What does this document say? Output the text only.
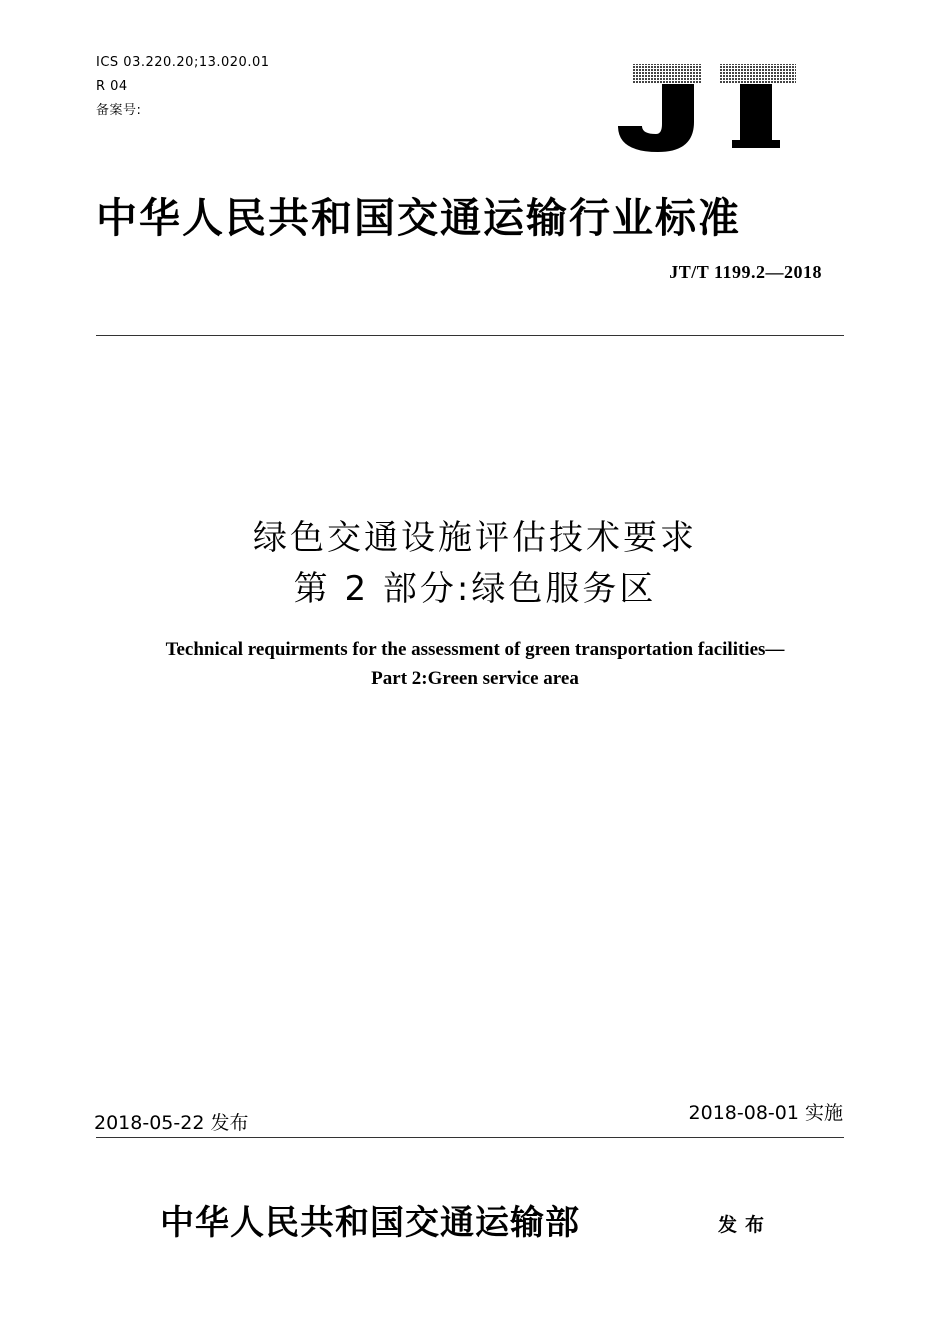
ICS 03.220.20;13.020.01
R 04
备案号:
中华人民共和国交通运输行业标准
JT/T 1199.2—2018
绿色交通设施评估技术要求
第 2 部分:绿色服务区
Technical requirments for the assessment of green transportation facilities—
Part 2:Green service area
2018-05-22 发布	2018-08-01 实施
中华人民共和国交通运输部	发布
